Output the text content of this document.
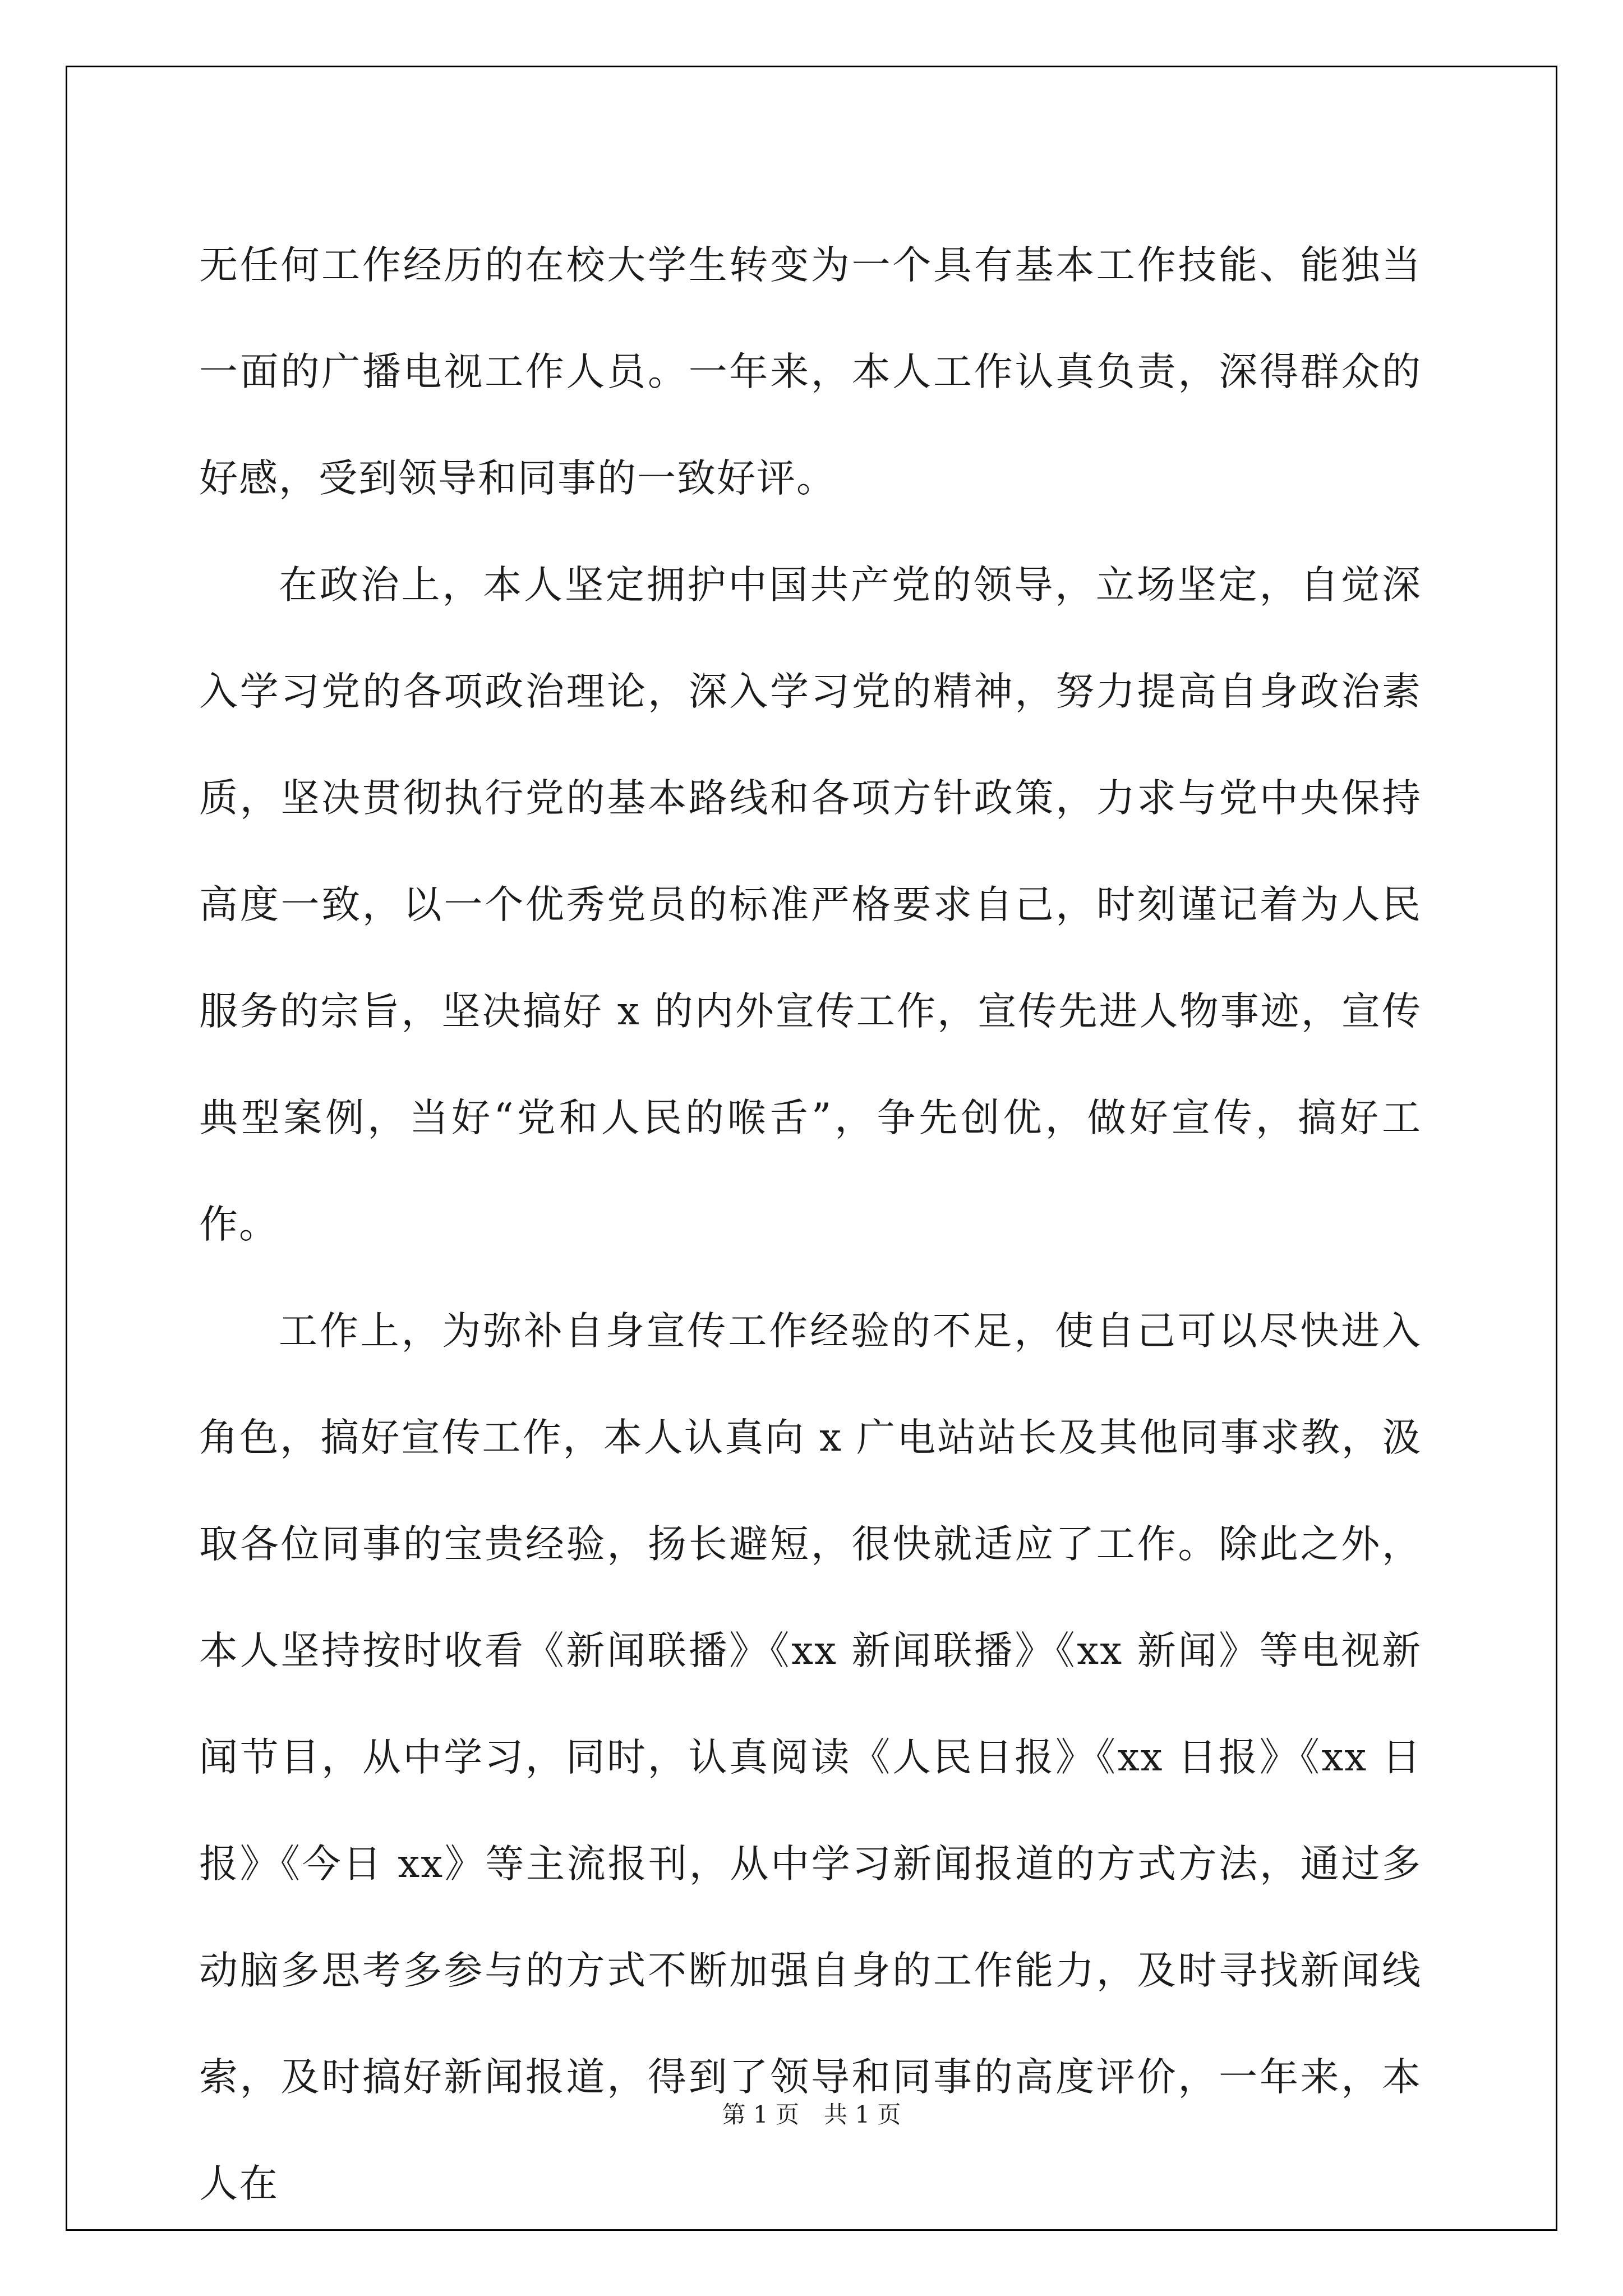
无任何工作经历的在校大学生转变为一个具有基本工作技能、能独当一面的广播电视工作人员。一年来，本人工作认真负责，深得群众的好感，受到领导和同事的一致好评。

在政治上，本人坚定拥护中国共产党的领导，立场坚定，自觉深入学习党的各项政治理论，深入学习党的精神，努力提高自身政治素质，坚决贯彻执行党的基本路线和各项方针政策，力求与党中央保持高度一致，以一个优秀党员的标准严格要求自己，时刻谨记着为人民服务的宗旨，坚决搞好 x 的内外宣传工作，宣传先进人物事迹，宣传典型案例，当好“党和人民的喉舌”，争先创优，做好宣传，搞好工作。

工作上，为弥补自身宣传工作经验的不足，使自己可以尽快进入角色，搞好宣传工作，本人认真向 x 广电站站长及其他同事求教，汲取各位同事的宝贵经验，扬长避短，很快就适应了工作。除此之外，本人坚持按时收看《新闻联播》《xx 新闻联播》《xx 新闻》等电视新闻节目，从中学习，同时，认真阅读《人民日报》《xx 日报》《xx 日报》《今日 xx》等主流报刊，从中学习新闻报道的方式方法，通过多动脑多思考多参与的方式不断加强自身的工作能力，及时寻找新闻线索，及时搞好新闻报道，得到了领导和同事的高度评价，一年来，本人在

第 1 页 共 1 页
